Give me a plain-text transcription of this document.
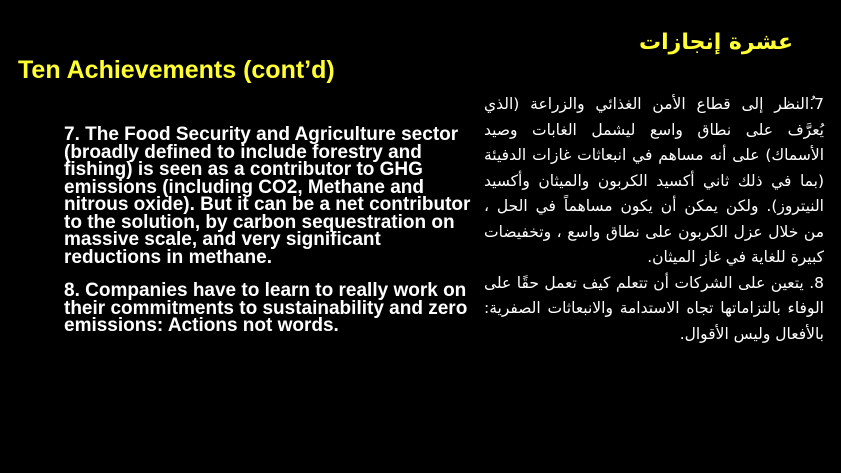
عشرة إنجازات
Ten Achievements (cont’d)

7. The Food Security and Agriculture sector (broadly defined to include forestry and fishing) is seen as a contributor to GHG emissions (including CO2, Methane and nitrous oxide). But it can be a net contributor to the solution, by carbon sequestration on massive scale, and very significant reductions in methane.

8. Companies have to learn to really work on their commitments to sustainability and zero emissions: Actions not words.

7.ُالنظر إلى قطاع الأمن الغذائي والزراعة (الذي يُعرَّف على نطاق واسع ليشمل الغابات وصيد الأسماك) على أنه مساهم في انبعاثات غازات الدفيئة (بما في ذلك ثاني أكسيد الكربون والميثان وأكسيد النيتروز). ولكن يمكن أن يكون مساهماً في الحل ، من خلال عزل الكربون على نطاق واسع ، وتخفيضات كبيرة للغاية في غاز الميثان.

8. يتعين على الشركات أن تتعلم كيف تعمل حقًا على الوفاء بالتزاماتها تجاه الاستدامة والانبعاثات الصفرية: بالأفعال وليس الأقوال.
